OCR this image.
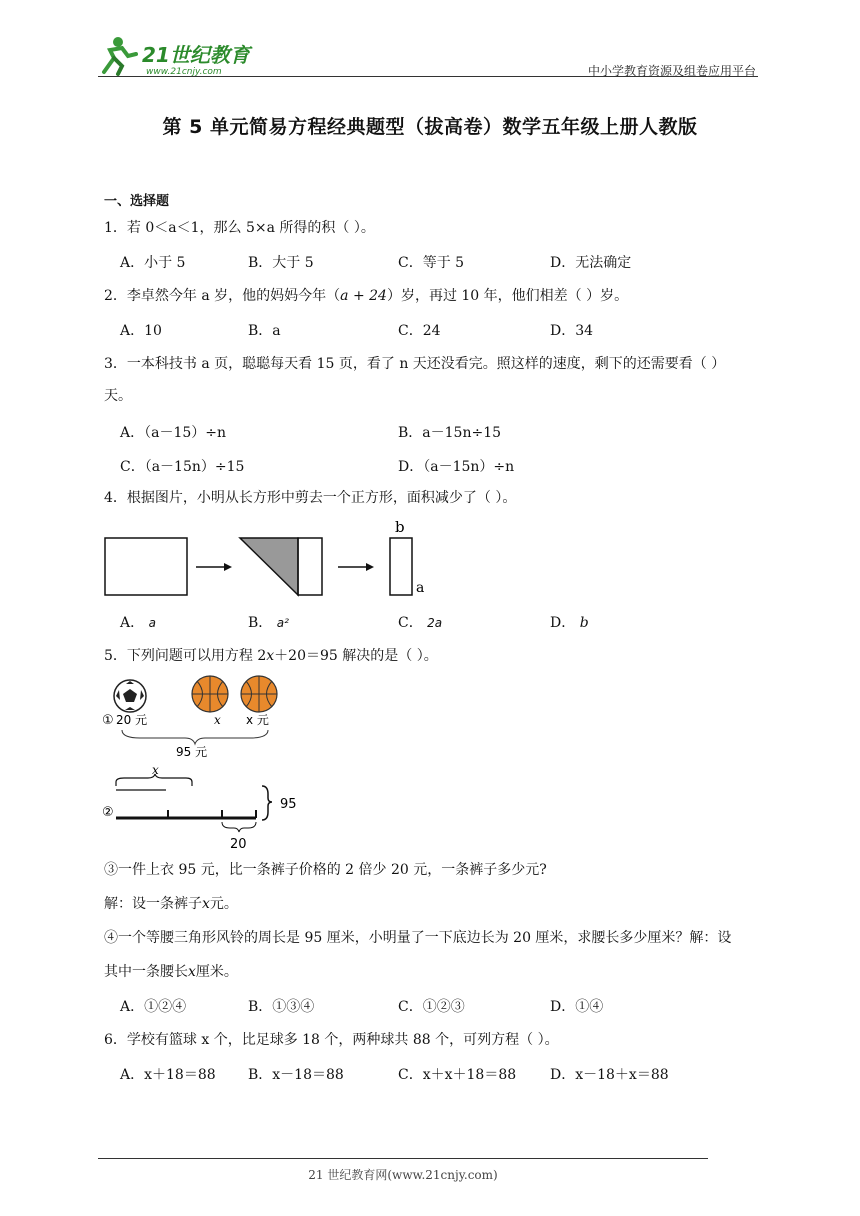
21世纪教育
www.21cnjy.com	中小学教育资源及组卷应用平台
第 5 单元简易方程经典题型（拔高卷）数学五年级上册人教版
一、选择题
1．若 0＜a＜1，那么 5×a 所得的积（ ）。
A．小于 5	B．大于 5	C．等于 5	D．无法确定
2．李卓然今年 a 岁，他的妈妈今年（a + 24）岁，再过 10 年，他们相差（ ）岁。
A．10	B．a	C．24	D．34
3．一本科技书 a 页，聪聪每天看 15 页，看了 n 天还没看完。照这样的速度，剩下的还需要看（ ）
天。
A．（a－15）÷n	B．a－15n÷15
C．（a－15n）÷15	D．（a－15n）÷n
4．根据图片，小明从长方形中剪去一个正方形，面积减少了（ ）。
b
a
A． a	B． a²	C． 2a	D． b
5．下列问题可以用方程 2x＋20＝95 解决的是（ ）。
① 20 元	x x 元
95 元
x
②
20
95
③一件上衣 95 元，比一条裤子价格的 2 倍少 20 元，一条裤子多少元?
解：设一条裤子x元。
④一个等腰三角形风铃的周长是 95 厘米，小明量了一下底边长为 20 厘米，求腰长多少厘米？解：设
其中一条腰长x厘米。
A．①②④	B．①③④	C．①②③	D．①④
6．学校有篮球 x 个，比足球多 18 个，两种球共 88 个，可列方程（ ）。
A．x＋18＝88 B．x－18＝88	C．x＋x＋18＝88 D．x－18＋x＝88
21 世纪教育网(www.21cnjy.com)
